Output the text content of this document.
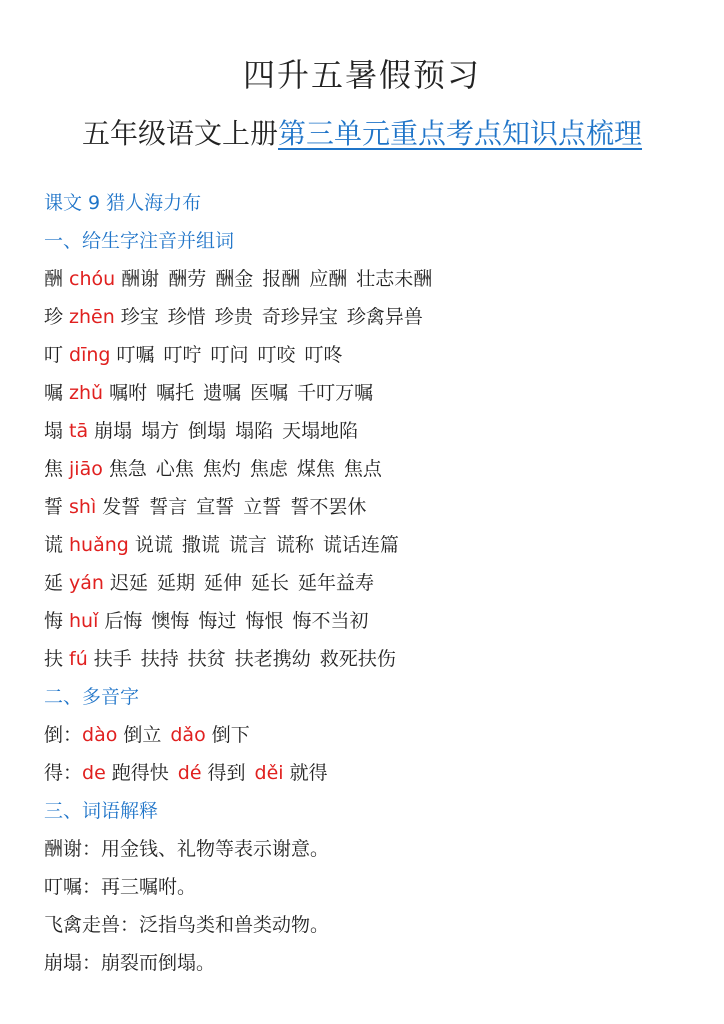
四升五暑假预习
五年级语文上册第三单元重点考点知识点梳理
课文 9 猎人海力布
一、给生字注音并组词
酬 chóu 酬谢 酬劳 酬金 报酬 应酬 壮志未酬
珍 zhēn 珍宝 珍惜 珍贵 奇珍异宝 珍禽异兽
叮 dīng 叮嘱 叮咛 叮问 叮咬 叮咚
嘱 zhǔ 嘱咐 嘱托 遗嘱 医嘱 千叮万嘱
塌 tā 崩塌 塌方 倒塌 塌陷 天塌地陷
焦 jiāo 焦急 心焦 焦灼 焦虑 煤焦 焦点
誓 shì 发誓 誓言 宣誓 立誓 誓不罢休
谎 huǎng 说谎 撒谎 谎言 谎称 谎话连篇
延 yán 迟延 延期 延伸 延长 延年益寿
悔 huǐ 后悔 懊悔 悔过 悔恨 悔不当初
扶 fú 扶手 扶持 扶贫 扶老携幼 救死扶伤
二、多音字
倒：dào 倒立 dǎo 倒下
得：de 跑得快 dé 得到 děi 就得
三、词语解释
酬谢：用金钱、礼物等表示谢意。
叮嘱：再三嘱咐。
飞禽走兽：泛指鸟类和兽类动物。
崩塌：崩裂而倒塌。
